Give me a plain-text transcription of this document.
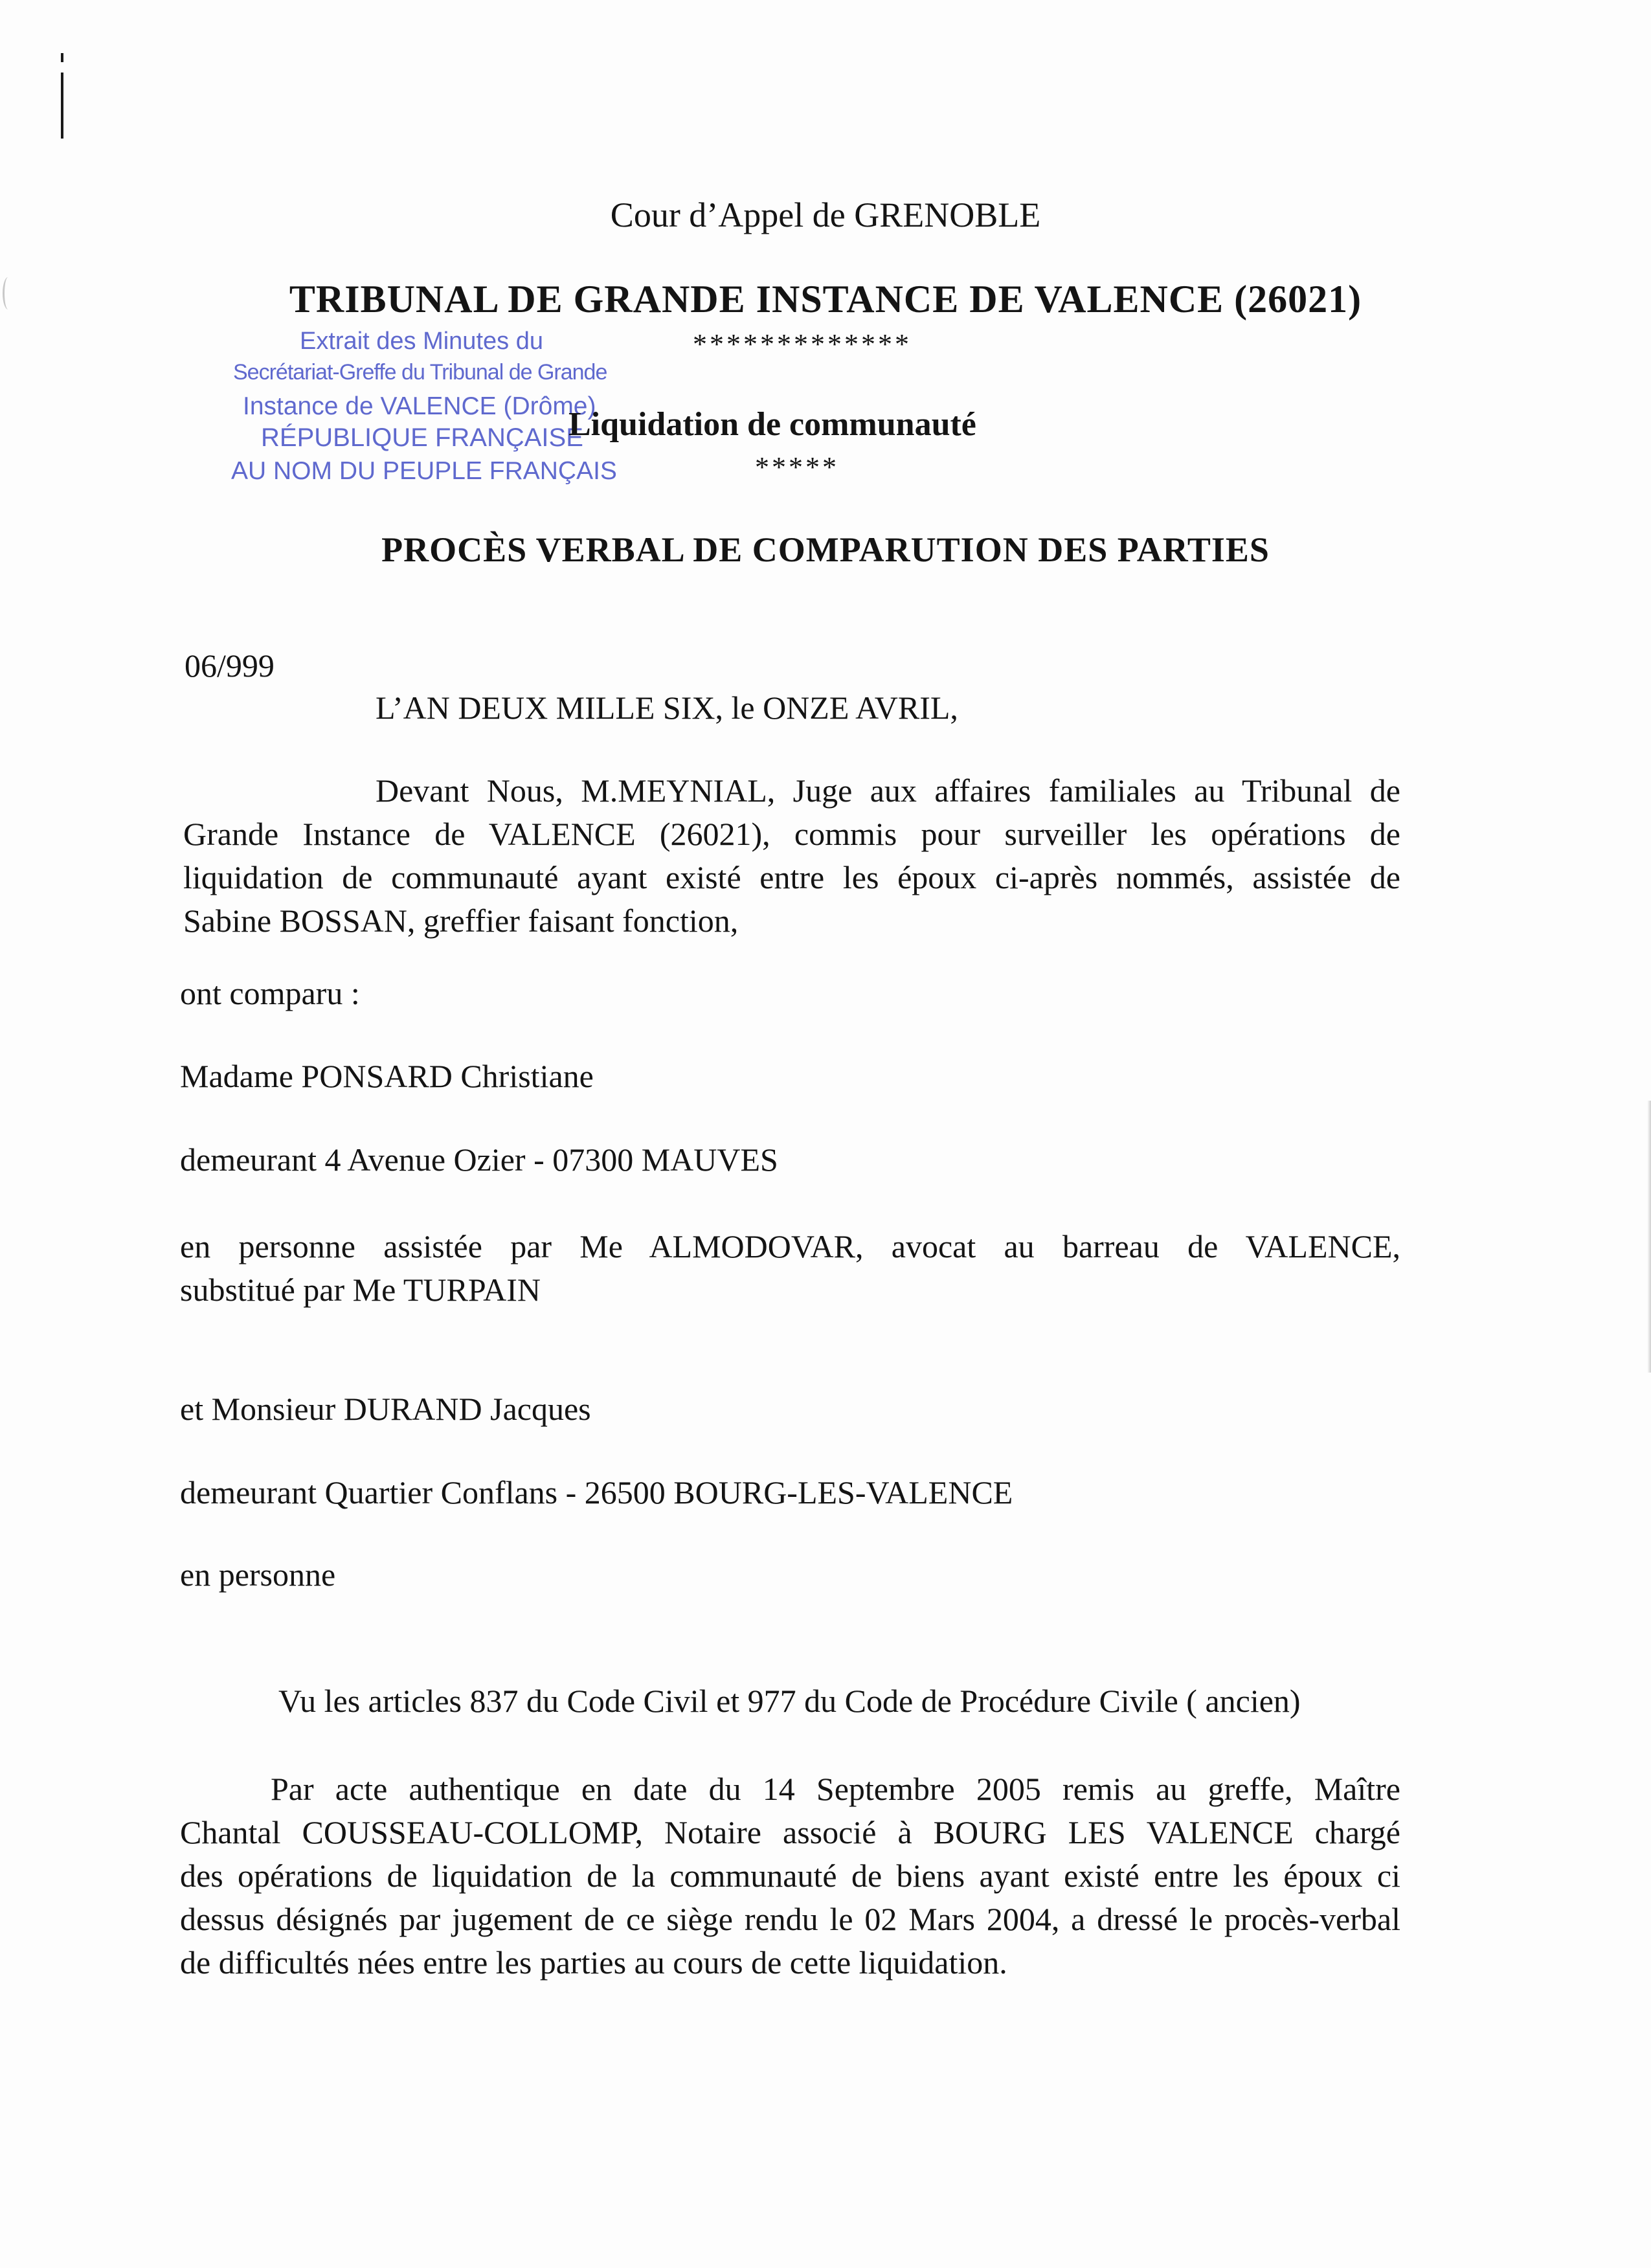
Cour d’Appel de GRENOBLE
TRIBUNAL DE GRANDE INSTANCE DE VALENCE (26021)
*************
Extrait des Minutes du
Secrétariat-Greffe du Tribunal de Grande
Instance de VALENCE (Drôme)
RÉPUBLIQUE FRANÇAISE
AU NOM DU PEUPLE FRANÇAIS
Liquidation de communauté
*****
PROCÈS VERBAL DE COMPARUTION DES PARTIES
06/999
L’AN DEUX MILLE SIX, le ONZE AVRIL,
Devant Nous, M.MEYNIAL, Juge aux affaires familiales au Tribunal de
Grande Instance de VALENCE (26021), commis pour surveiller les opérations de
liquidation de communauté ayant existé entre les époux ci-après nommés, assistée de
Sabine BOSSAN, greffier faisant fonction,
ont comparu :
Madame PONSARD Christiane
demeurant 4 Avenue Ozier - 07300 MAUVES
en personne assistée par Me ALMODOVAR, avocat au barreau de VALENCE,
substitué par Me TURPAIN
et Monsieur DURAND Jacques
demeurant Quartier Conflans - 26500 BOURG-LES-VALENCE
en personne
Vu les articles 837 du Code Civil et 977 du Code de Procédure Civile ( ancien)
Par acte authentique en date du 14 Septembre 2005 remis au greffe, Maître
Chantal COUSSEAU-COLLOMP, Notaire associé à BOURG LES VALENCE chargé
des opérations de liquidation de la communauté de biens ayant existé entre les époux ci
dessus désignés par jugement de ce siège rendu le 02 Mars 2004, a dressé le procès-verbal
de difficultés nées entre les parties au cours de cette liquidation.
